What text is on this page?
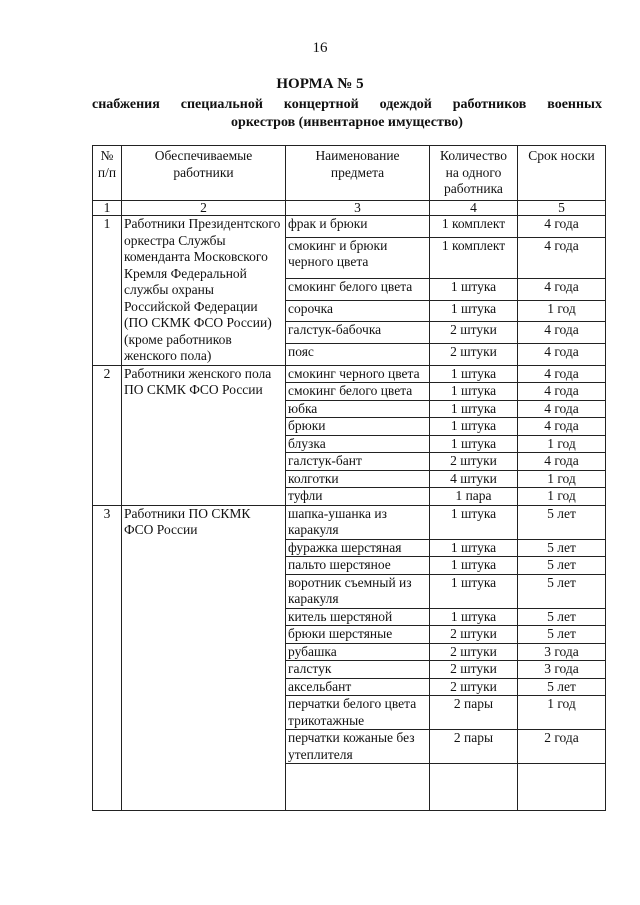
16
НОРМА № 5
снабжения специальной концертной одеждой работников военных
оркестров (инвентарное имущество)
№ п/п	Обеспечиваемые работники	Наименование предмета	Количество на одного работника	Срок носки
1	2	3	4	5
1	Работники Президентского оркестра Службы коменданта Московского Кремля Федеральной службы охраны Российской Федерации (ПО СКМК ФСО России) (кроме работников женского пола)	фрак и брюки	1 комплект	4 года
		смокинг и брюки черного цвета	1 комплект	4 года
		смокинг белого цвета	1 штука	4 года
		сорочка	1 штука	1 год
		галстук-бабочка	2 штуки	4 года
		пояс	2 штуки	4 года
2	Работники женского пола ПО СКМК ФСО России	смокинг черного цвета	1 штука	4 года
		смокинг белого цвета	1 штука	4 года
		юбка	1 штука	4 года
		брюки	1 штука	4 года
		блузка	1 штука	1 год
		галстук-бант	2 штуки	4 года
		колготки	4 штуки	1 год
		туфли	1 пара	1 год
3	Работники ПО СКМК ФСО России	шапка-ушанка из каракуля	1 штука	5 лет
		фуражка шерстяная	1 штука	5 лет
		пальто шерстяное	1 штука	5 лет
		воротник съемный из каракуля	1 штука	5 лет
		китель шерстяной	1 штука	5 лет
		брюки шерстяные	2 штуки	5 лет
		рубашка	2 штуки	3 года
		галстук	2 штуки	3 года
		аксельбант	2 штуки	5 лет
		перчатки белого цвета трикотажные	2 пары	1 год
		перчатки кожаные без утеплителя	2 пары	2 года
